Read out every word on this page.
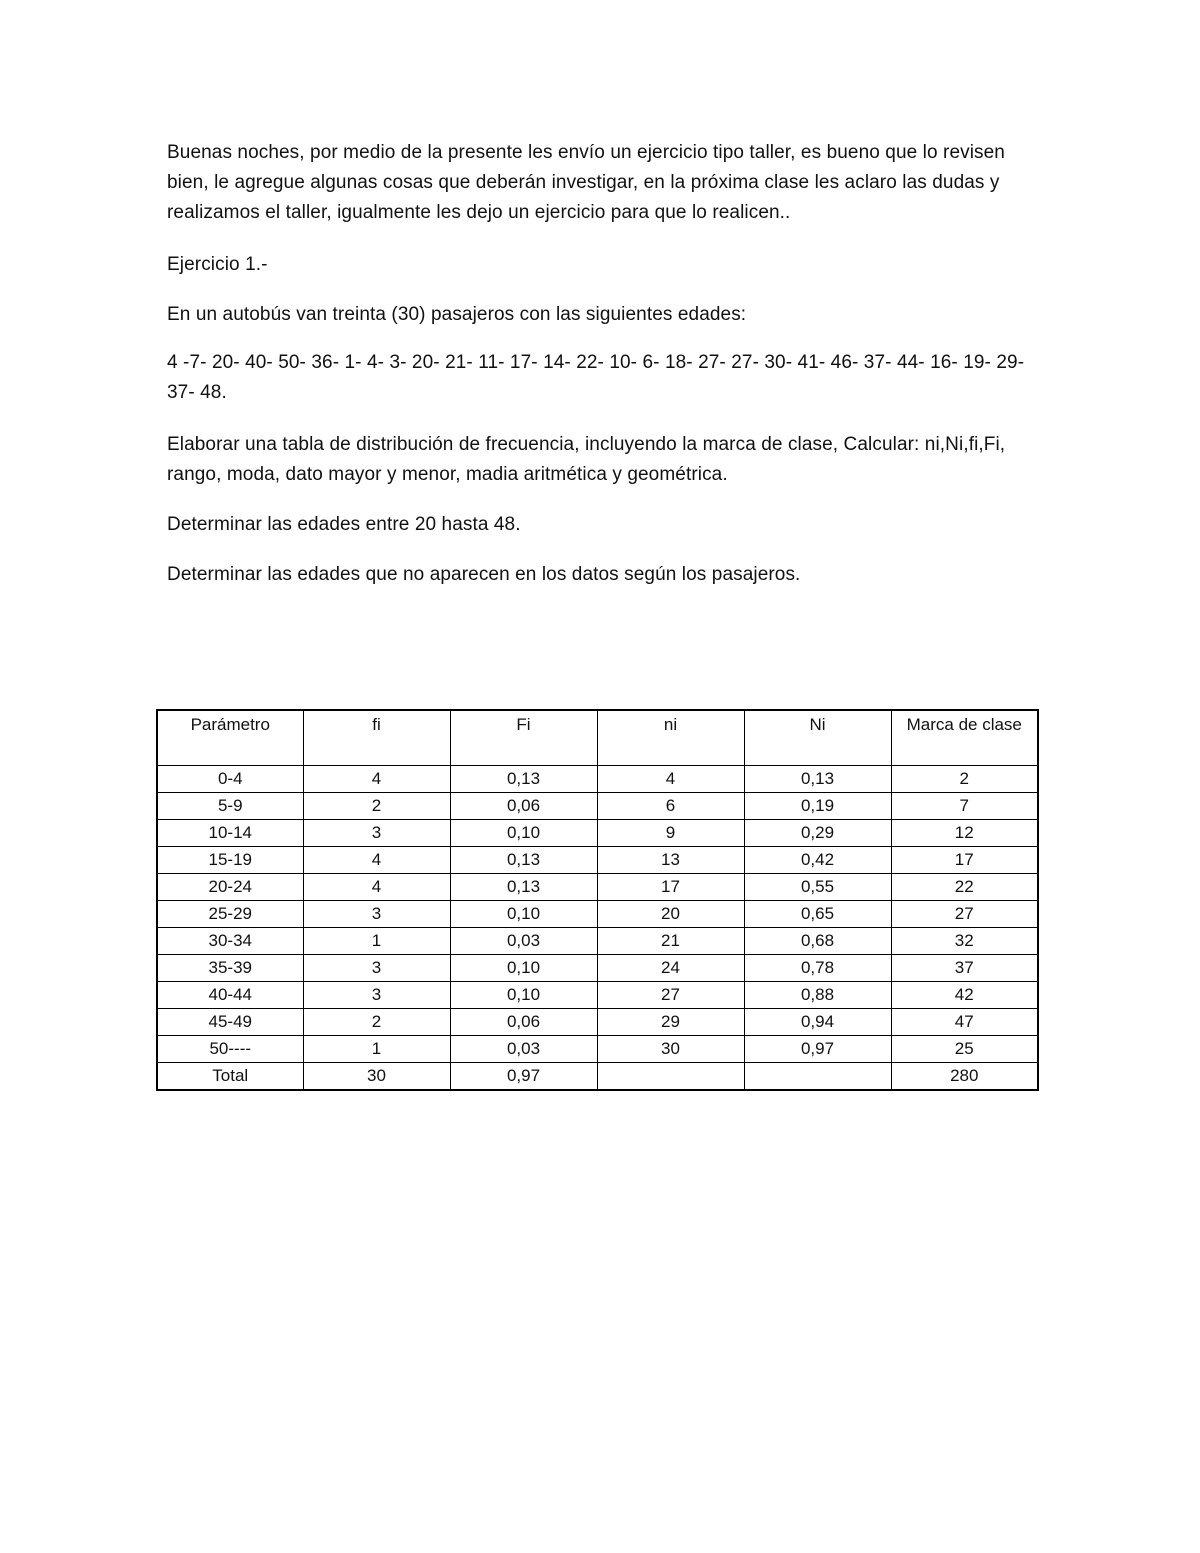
Buenas noches, por medio de la presente les envío un ejercicio tipo taller, es bueno que lo revisen bien, le agregue algunas cosas que deberán investigar, en la próxima clase les aclaro las dudas y realizamos el taller, igualmente les dejo un ejercicio para que lo realicen..

Ejercicio 1.-

En un autobús van treinta (30) pasajeros con las siguientes edades:

4 -7- 20- 40- 50- 36- 1- 4- 3- 20- 21- 11- 17- 14- 22- 10- 6- 18- 27- 27- 30- 41- 46- 37- 44- 16- 19- 29- 37- 48.

Elaborar una tabla de distribución de frecuencia, incluyendo la marca de clase, Calcular: ni,Ni,fi,Fi, rango, moda, dato mayor y menor, madia aritmética y geométrica.

Determinar las edades entre 20 hasta 48.

Determinar las edades que no aparecen en los datos según los pasajeros.

Parámetro	fi	Fi	ni	Ni	Marca de clase
0-4	4	0,13	4	0,13	2
5-9	2	0,06	6	0,19	7
10-14	3	0,10	9	0,29	12
15-19	4	0,13	13	0,42	17
20-24	4	0,13	17	0,55	22
25-29	3	0,10	20	0,65	27
30-34	1	0,03	21	0,68	32
35-39	3	0,10	24	0,78	37
40-44	3	0,10	27	0,88	42
45-49	2	0,06	29	0,94	47
50----	1	0,03	30	0,97	25
Total	30	0,97			280
